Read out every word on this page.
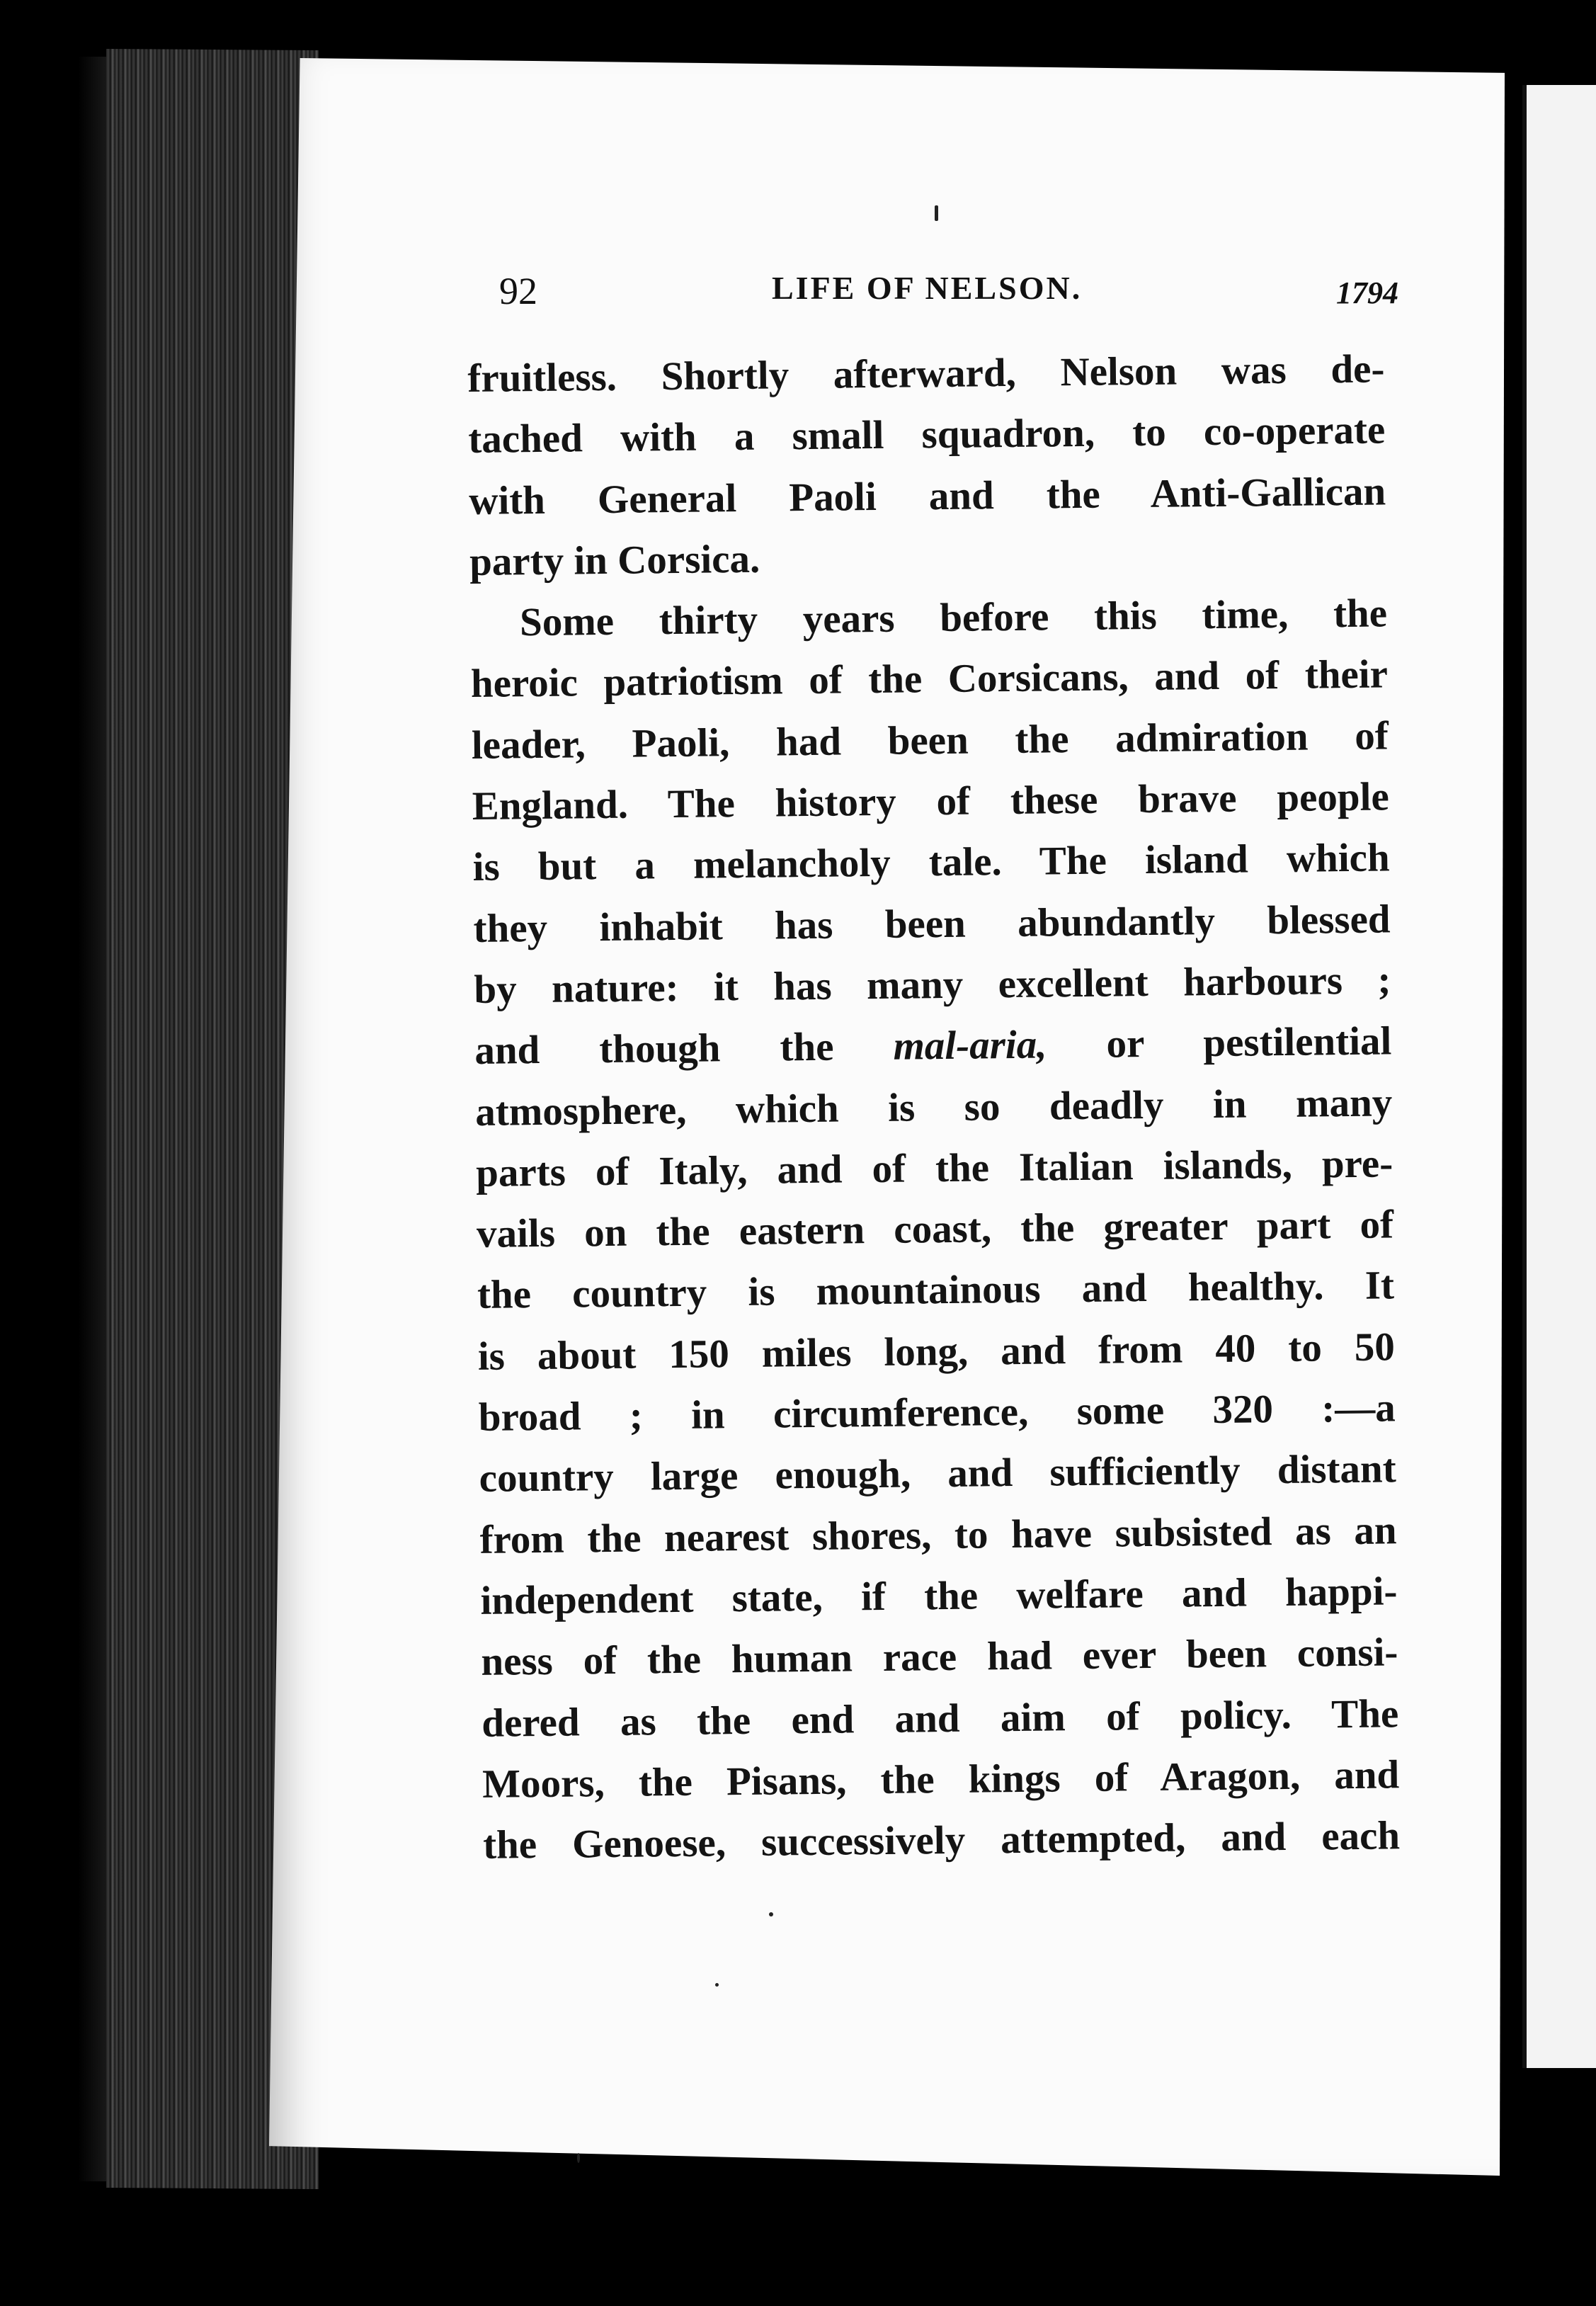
92	LIFE OF NELSON.	1794
fruitless. Shortly afterward, Nelson was de-
tached with a small squadron, to co-operate
with General Paoli and the Anti-Gallican
party in Corsica.
Some thirty years before this time, the
heroic patriotism of the Corsicans, and of their
leader, Paoli, had been the admiration of
England. The history of these brave people
is but a melancholy tale. The island which
they inhabit has been abundantly blessed
by nature: it has many excellent harbours ;
and though the mal-aria, or pestilential
atmosphere, which is so deadly in many
parts of Italy, and of the Italian islands, pre-
vails on the eastern coast, the greater part of
the country is mountainous and healthy. It
is about 150 miles long, and from 40 to 50
broad ; in circumference, some 320 :—a
country large enough, and sufficiently distant
from the nearest shores, to have subsisted as an
independent state, if the welfare and happi-
ness of the human race had ever been consi-
dered as the end and aim of policy. The
Moors, the Pisans, the kings of Aragon, and
the Genoese, successively attempted, and each
